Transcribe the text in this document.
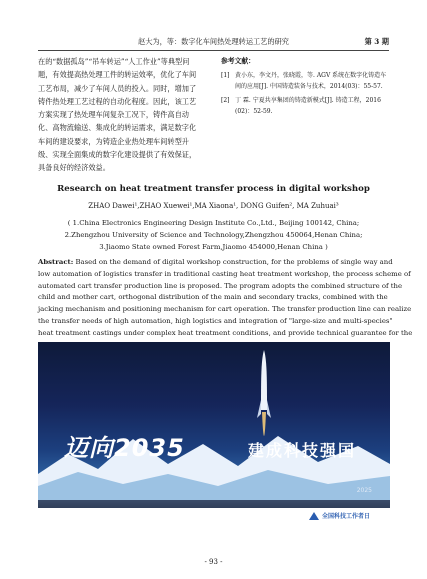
赵大为，等：数字化车间热处理转运工艺的研究	第 3 期
在的“数据孤岛”“吊车转运”“人工作业”等典型问
题，有效提高热处理工件的转运效率，优化了车间
工艺布局，减少了车间人员的投入。同时，增加了
铸件热处理工艺过程的自动化程度。因此，该工艺
方案实现了热处理车间复杂工况下，铸件高自动
化、高物流输送、集成化的转运需求，满足数字化
车间的建设要求，为铸造企业热处理车间转型升
级、实现全面集成的数字化建设提供了有效保证，
具备良好的经济效益。
参考文献：
[1] 黄小东，李文丹，张晓霞，等. AGV 系统在数字化铸造车间的应用[J]. 中国铸造装备与技术，2014(03)：55-57.
[2] 丁 霖. 宁夏共享集团的铸造新模式[J]. 铸造工程，2016 (02)：52-59.
Research on heat treatment transfer process in digital workshop
ZHAO Dawei¹,ZHAO Xuewei¹,MA Xiaona¹, DONG Guifen², MA Zuhuai³
( 1.China Electronics Engineering Design Institute Co.,Ltd., Beijing 100142, China;
2.Zhengzhou University of Science and Technology,Zhengzhou 450064,Henan China;
3.Jiaomo State owned Forest Farm,Jiaomo 454000,Henan China )
Abstract: Based on the demand of digital workshop construction, for the problems of single way and
low automation of logistics transfer in traditional casting heat treatment workshop, the process scheme of
automated cart transfer production line is proposed. The program adopts the combined structure of the
child and mother cart, orthogonal distribution of the main and secondary tracks, combined with the
jacking mechanism and positioning mechanism for cart operation. The transfer production line can realize
the transfer needs of high automation, high logistics and integration of "large-size and multi-species"
heat treatment castings under complex heat treatment conditions, and provide technical guarantee for the
迈向2035	建成科技强国
2025
全国科技工作者日
- 93 -
